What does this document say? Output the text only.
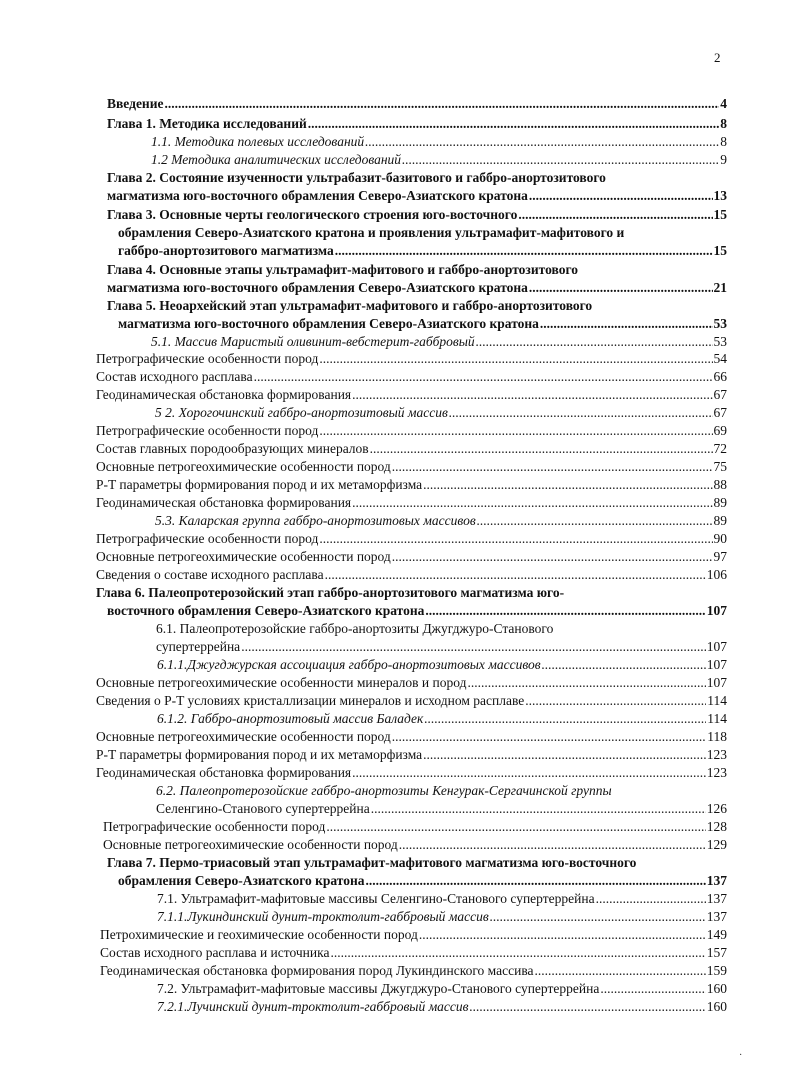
2
Введение .....	4
Глава 1. Методика исследований .....	8
1.1. Методика полевых исследований .....	8
1.2 Методика аналитических исследований .....	9
Глава 2. Состояние изученности ультрабазит-базитового и габбро-анортозитового
магматизма юго-восточного обрамления Северо-Азиатского кратона .....	13
Глава 3. Основные черты геологического строения юго-восточного .....	15
обрамления Северо-Азиатского кратона и проявления ультрамафит-мафитового и
габбро-анортозитового магматизма .....	15
Глава 4. Основные этапы ультрамафит-мафитового и габбро-анортозитового
магматизма юго-восточного обрамления Северо-Азиатского кратона .....	21
Глава 5. Неоархейский этап ультрамафит-мафитового и габбро-анортозитового
магматизма юго-восточного обрамления Северо-Азиатского кратона .....	53
5.1. Массив Маристый оливинит-вебстерит-габбровый .....	53
Петрографические особенности пород .....	54
Состав исходного расплава .....	66
Геодинамическая обстановка формирования .....	67
5 2. Хорогочинский габбро-анортозитовый массив .....	67
Петрографические особенности пород .....	69
Состав главных породообразующих минералов .....	72
Основные петрогеохимические особенности пород .....	75
P-T параметры формирования пород и их метаморфизма .....	88
Геодинамическая обстановка формирования .....	89
5.3. Каларская группа габбро-анортозитовых массивов .....	89
Петрографические особенности пород .....	90
Основные петрогеохимические особенности пород .....	97
Сведения о составе исходного расплава .....	106
Глава 6. Палеопротерозойский этап габбро-анортозитового магматизма юго-
восточного обрамления Северо-Азиатского кратона .....	107
6.1. Палеопротерозойские габбро-анортозиты Джугджуро-Станового
супертеррейна .....	107
6.1.1.Джугджурская ассоциация габбро-анортозитовых массивов .....	107
Основные петрогеохимические особенности минералов и пород .....	107
Сведения о P-T условиях кристаллизации минералов и исходном расплаве .....	114
6.1.2. Габбро-анортозитовый массив Баладек .....	114
Основные петрогеохимические особенности пород .....	118
P-T параметры формирования пород и их метаморфизма .....	123
Геодинамическая обстановка формирования .....	123
6.2. Палеопротерозойские габбро-анортозиты Кенгурак-Сергачинской группы
Селенгино-Станового супертеррейна .....	126
Петрографические особенности пород .....	128
Основные петрогеохимические особенности пород .....	129
Глава 7. Пермо-триасовый этап ультрамафит-мафитового магматизма юго-восточного
обрамления Северо-Азиатского кратона .....	137
7.1. Ультрамафит-мафитовые массивы Селенгино-Станового супертеррейна .....	137
7.1.1.Лукиндинский дунит-троктолит-габбровый массив .....	137
Петрохимические и геохимические особенности пород .....	149
Состав исходного расплава и источника .....	157
Геодинамическая обстановка формирования пород Лукиндинского массива .....	159
7.2. Ультрамафит-мафитовые массивы Джугджуро-Станового супертеррейна .....	160
7.2.1.Лучинский дунит-троктолит-габбровый массив .....	160
·
